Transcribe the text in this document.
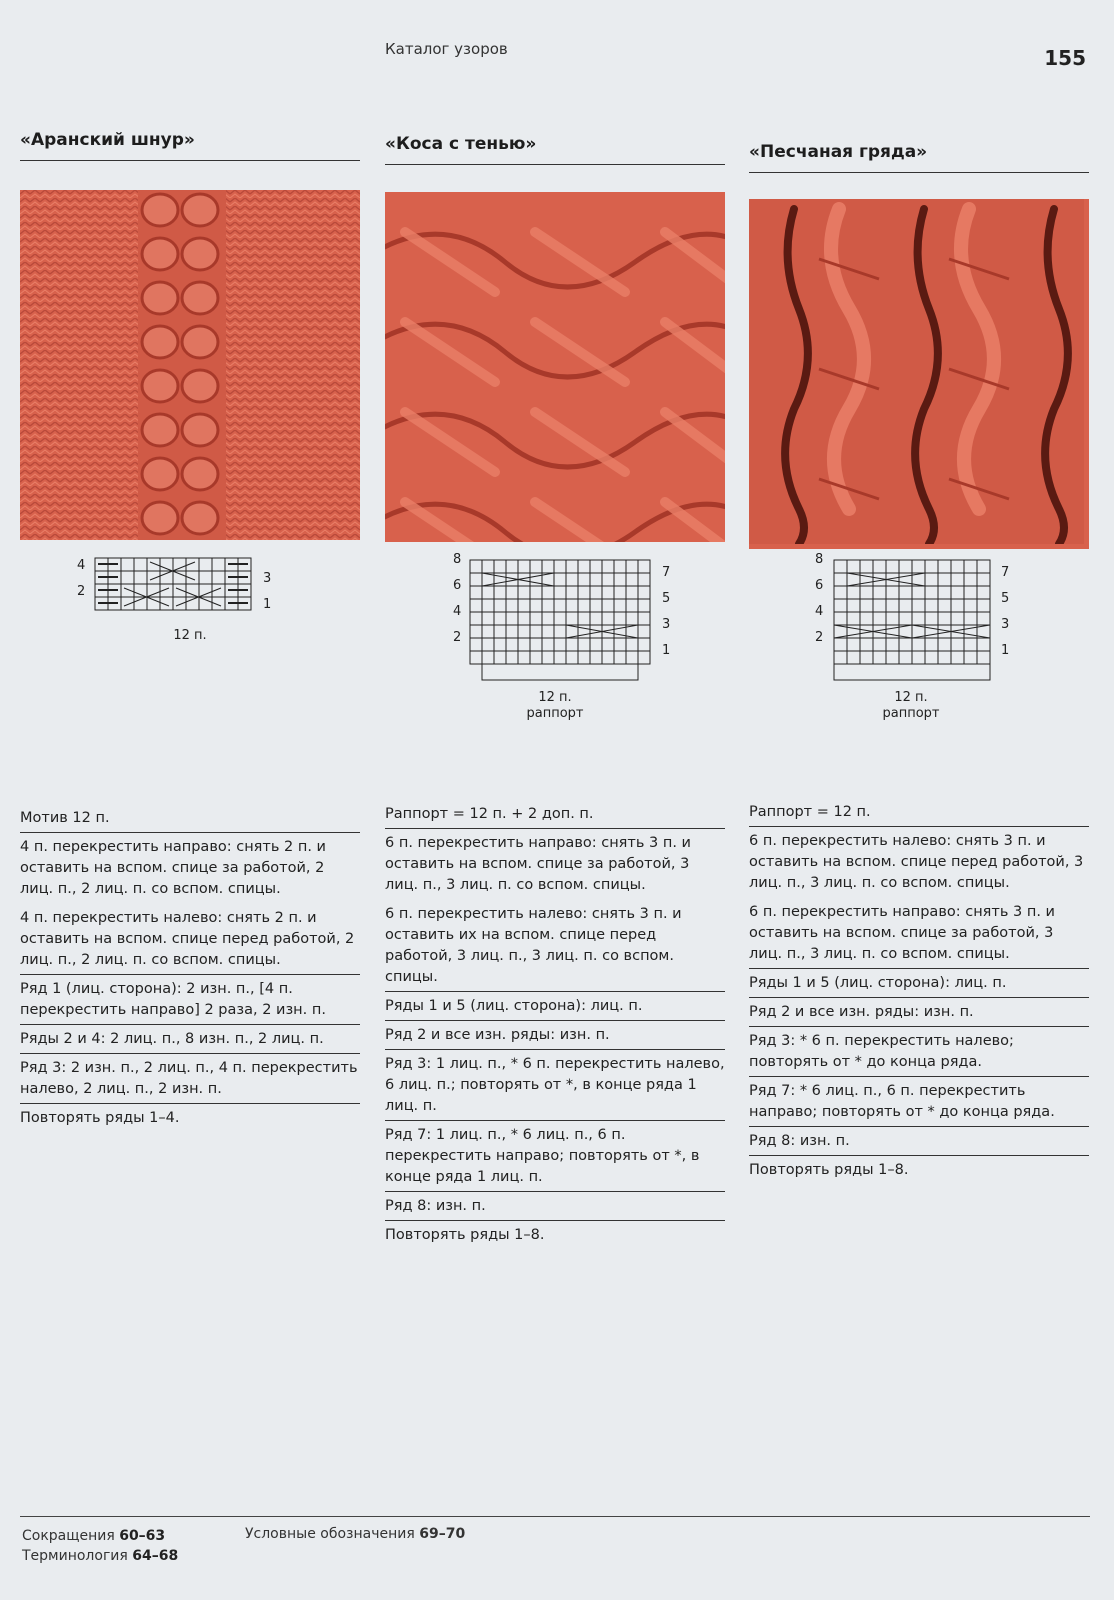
Каталог узоров	155
«Аранский шнур»
4
2
3
1
12 п.
Мотив 12 п.
4 п. перекрестить направо: снять 2 п. и оставить на вспом. спице за работой, 2 лиц. п., 2 лиц. п. со вспом. спицы.
4 п. перекрестить налево: снять 2 п. и оставить на вспом. спице перед работой, 2 лиц. п., 2 лиц. п. со вспом. спицы.
Ряд 1 (лиц. сторона): 2 изн. п., [4 п. перекрестить направо] 2 раза, 2 изн. п.
Ряды 2 и 4: 2 лиц. п., 8 изн. п., 2 лиц. п.
Ряд 3: 2 изн. п., 2 лиц. п., 4 п. перекрестить налево, 2 лиц. п., 2 изн. п.
Повторять ряды 1–4.
«Коса с тенью»
8
6
4
2
7
5
3
1
12 п.
раппорт
Раппорт = 12 п. + 2 доп. п.
6 п. перекрестить направо: снять 3 п. и оставить на вспом. спице за работой, 3 лиц. п., 3 лиц. п. со вспом. спицы.
6 п. перекрестить налево: снять 3 п. и оставить их на вспом. спице перед работой, 3 лиц. п., 3 лиц. п. со вспом. спицы.
Ряды 1 и 5 (лиц. сторона): лиц. п.
Ряд 2 и все изн. ряды: изн. п.
Ряд 3: 1 лиц. п., * 6 п. перекрестить налево, 6 лиц. п.; повторять от *, в конце ряда 1 лиц. п.
Ряд 7: 1 лиц. п., * 6 лиц. п., 6 п. перекрестить направо; повторять от *, в конце ряда 1 лиц. п.
Ряд 8: изн. п.
Повторять ряды 1–8.
«Песчаная гряда»
8
6
4
2
7
5
3
1
12 п.
раппорт
Раппорт = 12 п.
6 п. перекрестить налево: снять 3 п. и оставить на вспом. спице перед работой, 3 лиц. п., 3 лиц. п. со вспом. спицы.
6 п. перекрестить направо: снять 3 п. и оставить на вспом. спице за работой, 3 лиц. п., 3 лиц. п. со вспом. спицы.
Ряды 1 и 5 (лиц. сторона): лиц. п.
Ряд 2 и все изн. ряды: изн. п.
Ряд 3: * 6 п. перекрестить налево; повторять от * до конца ряда.
Ряд 7: * 6 лиц. п., 6 п. перекрестить направо; повторять от * до конца ряда.
Ряд 8: изн. п.
Повторять ряды 1–8.
Сокращения 60–63
Терминология 64–68
Условные обозначения 69–70
